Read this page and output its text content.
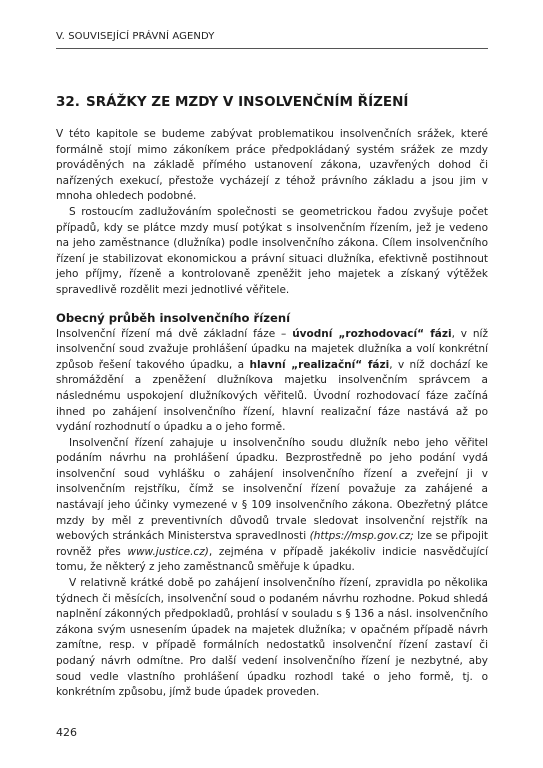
V. SOUVISEJÍCÍ PRÁVNÍ AGENDY
32. SRÁŽKY ZE MZDY V INSOLVENČNÍM ŘÍZENÍ

V této kapitole se budeme zabývat problematikou insolvenčních srážek, které formálně stojí mimo zákoníkem práce předpokládaný systém srážek ze mzdy prováděných na základě přímého ustanovení zákona, uzavřených dohod či nařízených exekucí, přestože vycházejí z téhož právního základu a jsou jim v mnoha ohledech podobné.

S rostoucím zadlužováním společnosti se geometrickou řadou zvyšuje počet případů, kdy se plátce mzdy musí potýkat s insolvenčním řízením, jež je vedeno na jeho zaměstnance (dlužníka) podle insolvenčního zákona. Cílem insolvenčního řízení je stabilizovat ekonomickou a právní situaci dlužníka, efektivně postihnout jeho příjmy, řízeně a kontrolovaně zpeněžit jeho majetek a získaný výtěžek spravedlivě rozdělit mezi jednotlivé věřitele.

Obecný průběh insolvenčního řízení

Insolvenční řízení má dvě základní fáze – úvodní „rozhodovací“ fázi, v níž insolvenční soud zvažuje prohlášení úpadku na majetek dlužníka a volí konkrétní způsob řešení takového úpadku, a hlavní „realizační“ fázi, v níž dochází ke shromáždění a zpeněžení dlužníkova majetku insolvenčním správcem a následnému uspokojení dlužníkových věřitelů. Úvodní rozhodovací fáze začíná ihned po zahájení insolvenčního řízení, hlavní realizační fáze nastává až po vydání rozhodnutí o úpadku a o jeho formě.

Insolvenční řízení zahajuje u insolvenčního soudu dlužník nebo jeho věřitel podáním návrhu na prohlášení úpadku. Bezprostředně po jeho podání vydá insolvenční soud vyhlášku o zahájení insolvenčního řízení a zveřejní ji v insolvenčním rejstříku, čímž se insolvenční řízení považuje za zahájené a nastávají jeho účinky vymezené v § 109 insolvenčního zákona. Obezřetný plátce mzdy by měl z preventivních důvodů trvale sledovat insolvenční rejstřík na webových stránkách Ministerstva spravedlnosti (https://msp.gov.cz; lze se připojit rovněž přes www.justice.cz), zejména v případě jakékoliv indicie nasvědčující tomu, že některý z jeho zaměstnanců směřuje k úpadku.

V relativně krátké době po zahájení insolvenčního řízení, zpravidla po několika týdnech či měsících, insolvenční soud o podaném návrhu rozhodne. Pokud shledá naplnění zákonných předpokladů, prohlásí v souladu s § 136 a násl. insolvenčního zákona svým usnesením úpadek na majetek dlužníka; v opačném případě návrh zamítne, resp. v případě formálních nedostatků insolvenční řízení zastaví či podaný návrh odmítne. Pro další vedení insolvenčního řízení je nezbytné, aby soud vedle vlastního prohlášení úpadku rozhodl také o jeho formě, tj. o konkrétním způsobu, jímž bude úpadek proveden.

426
